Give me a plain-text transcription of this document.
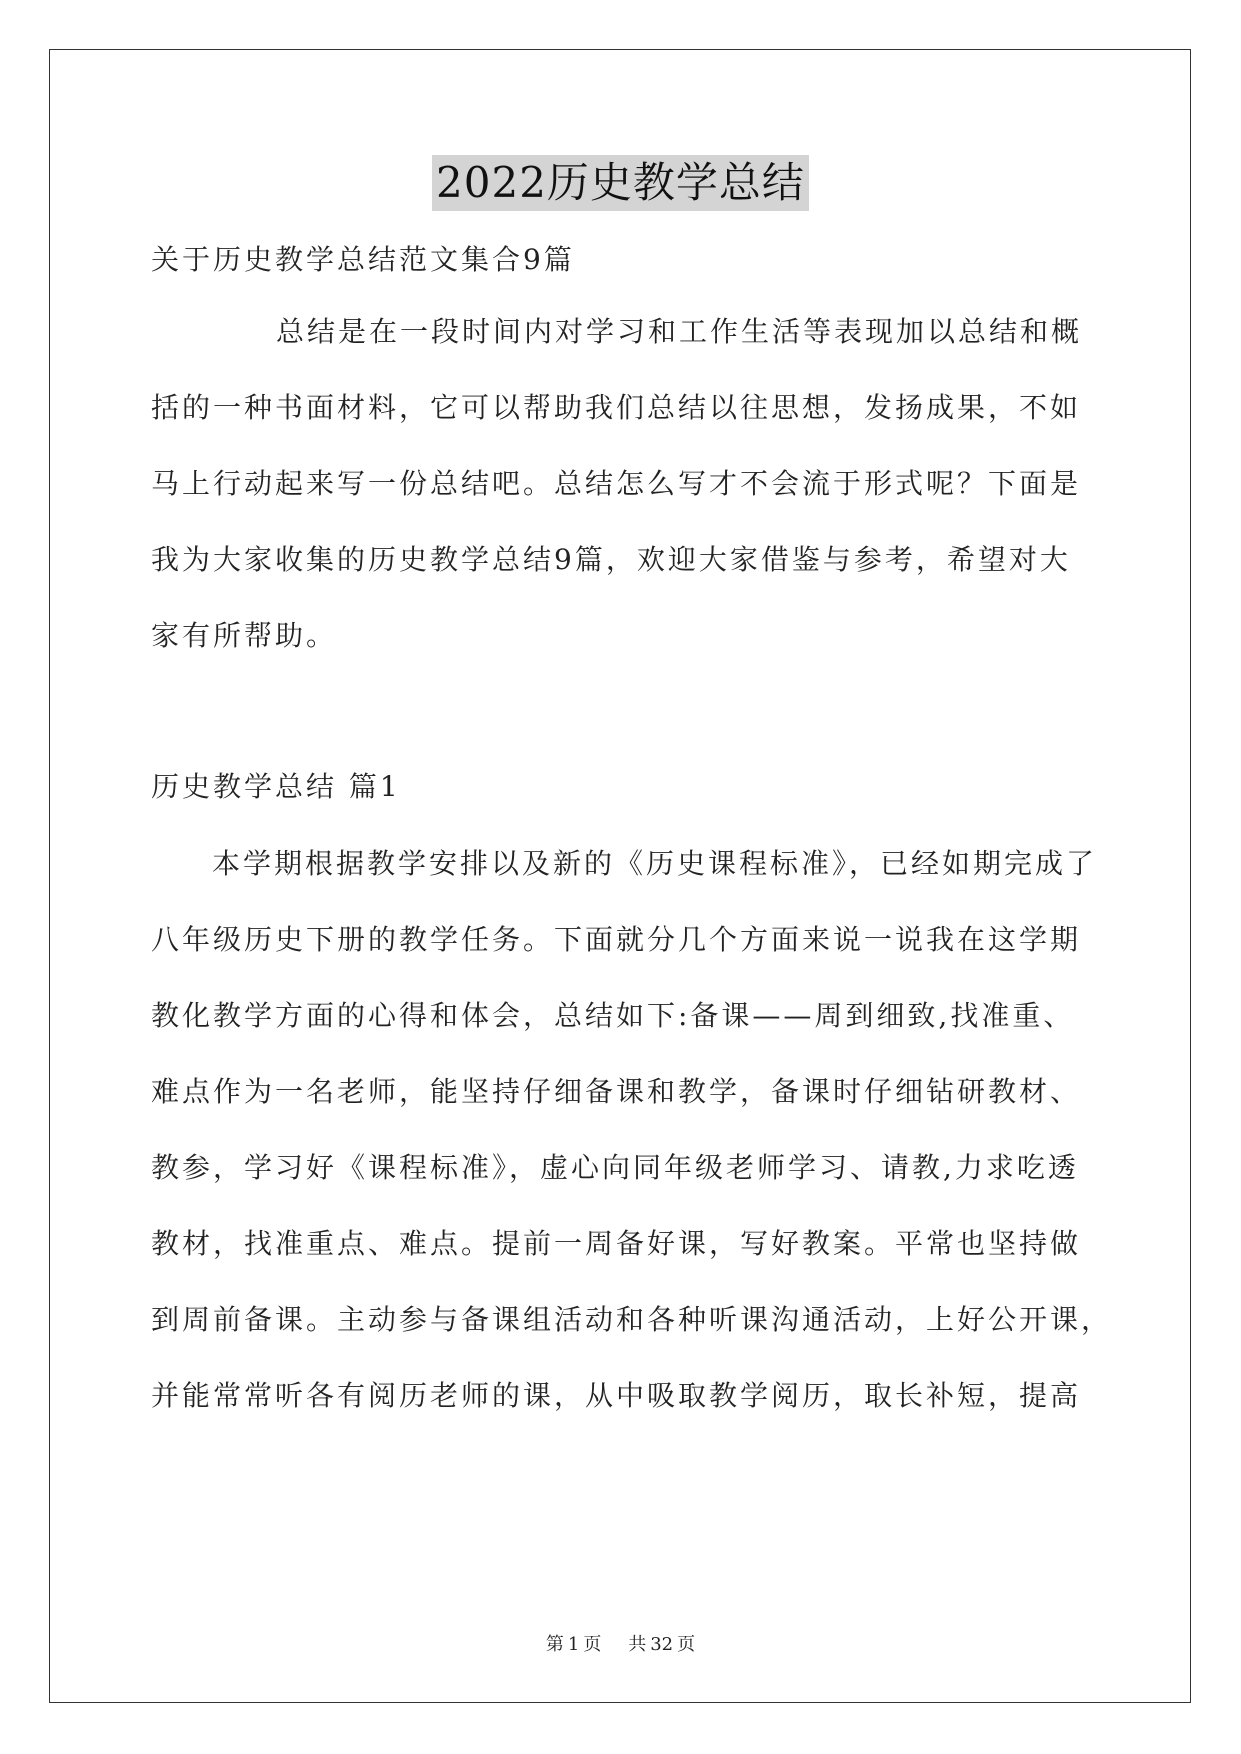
2022历史教学总结
关于历史教学总结范文集合9篇
总结是在一段时间内对学习和工作生活等表现加以总结和概
括的一种书面材料，它可以帮助我们总结以往思想，发扬成果，不如
马上行动起来写一份总结吧。总结怎么写才不会流于形式呢？下面是
我为大家收集的历史教学总结9篇，欢迎大家借鉴与参考，希望对大
家有所帮助。
历史教学总结 篇1
本学期根据教学安排以及新的《历史课程标准》，已经如期完成了
八年级历史下册的教学任务。下面就分几个方面来说一说我在这学期
教化教学方面的心得和体会，总结如下:备课——周到细致,找准重、
难点作为一名老师，能坚持仔细备课和教学，备课时仔细钻研教材、
教参，学习好《课程标准》，虚心向同年级老师学习、请教,力求吃透
教材，找准重点、难点。提前一周备好课，写好教案。平常也坚持做
到周前备课。主动参与备课组活动和各种听课沟通活动，上好公开课，
并能常常听各有阅历老师的课，从中吸取教学阅历，取长补短，提高
第 1 页 共 32 页
